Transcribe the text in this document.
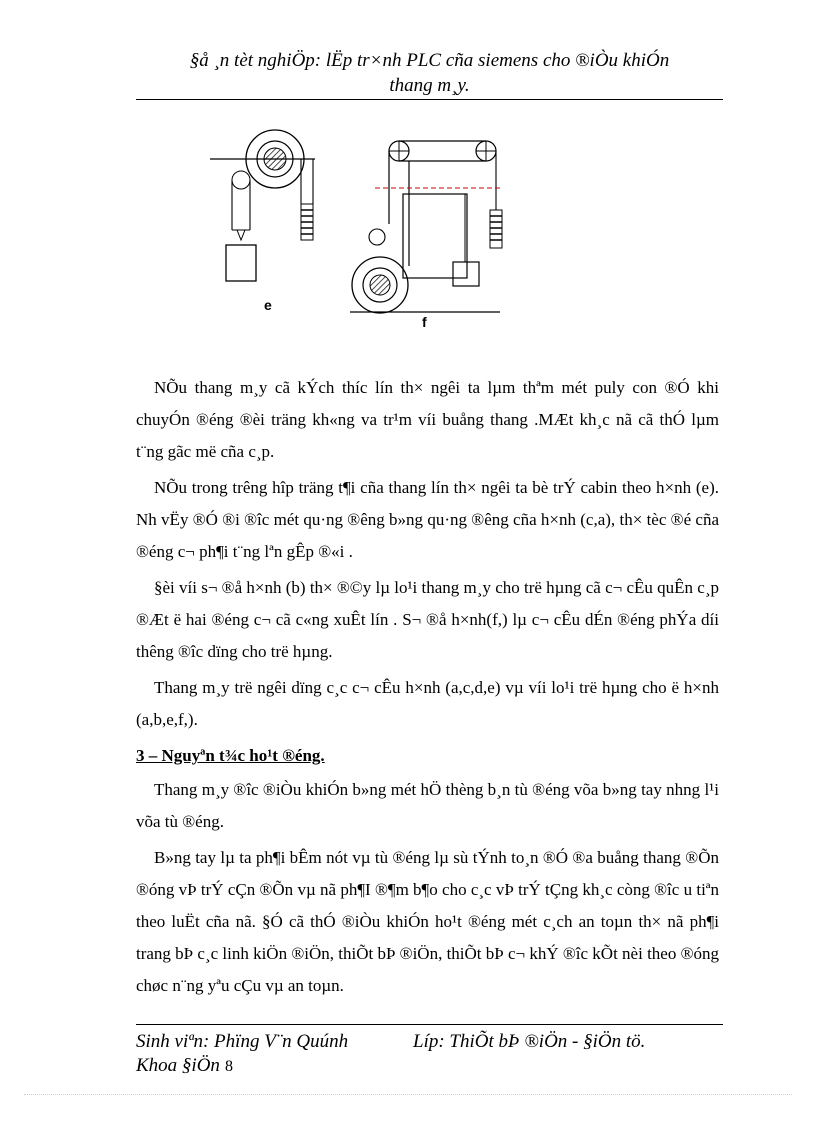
§å ¸n tèt nghiÖp: lËp tr×nh PLC cña siemens cho ®iÒu khiÓn
thang m¸y.
e
f

NÕu thang m¸y cã kÝch thíc lín th× ngêi ta lµm thªm mét puly con ®Ó khi chuyÓn ®éng ®èi träng kh«ng va tr¹m víi buång thang .MÆt kh¸c nã cã thÓ lµm t¨ng gãc më cña c¸p.

NÕu trong trêng hîp träng t¶i cña thang lín th× ngêi ta bè trÝ cabin theo h×nh (e). Nh vËy ®Ó ®i ®îc mét qu·ng ®êng b»ng qu·ng ®êng cña h×nh (c,a), th× tèc ®é cña ®éng c¬ ph¶i t¨ng lªn gÊp ®«i .

§èi víi s¬ ®å h×nh (b) th× ®©y lµ lo¹i thang m¸y cho trë hµng cã c¬ cÊu quÊn c¸p ®Æt ë hai ®éng c¬ cã c«ng xuÊt lín . S¬ ®å h×nh(f,) lµ c¬ cÊu dÉn ®éng phÝa díi thêng ®îc dïng cho trë hµng.

Thang m¸y trë ngêi dïng c¸c c¬ cÊu h×nh (a,c,d,e) vµ víi lo¹i trë hµng cho ë h×nh (a,b,e,f,).

3 – Nguyªn t¾c ho¹t ®éng.

Thang m¸y ®îc ®iÒu khiÓn b»ng mét hÖ thèng b¸n tù ®éng võa b»ng tay nhng l¹i võa tù ®éng.

B»ng tay lµ ta ph¶i bÊm nót vµ tù ®éng lµ sù tÝnh to¸n ®Ó ®a buång thang ®Õn ®óng vÞ trÝ cÇn ®Õn vµ nã ph¶I ®¶m b¶o cho c¸c vÞ trÝ tÇng kh¸c còng ®îc u tiªn theo luËt cña nã. §Ó cã thÓ ®iÒu khiÓn ho¹t ®éng mét c¸ch an toµn th× nã ph¶i trang bÞ c¸c linh kiÖn ®iÖn, thiÕt bÞ ®iÖn, thiÕt bÞ c¬ khÝ ®îc kÕt nèi theo ®óng chøc n¨ng yªu cÇu vµ an toµn.

Sinh viªn: Phïng V¨n Quúnh	Líp: ThiÕt bÞ ®iÖn - §iÖn tö.
Khoa §iÖn 8
